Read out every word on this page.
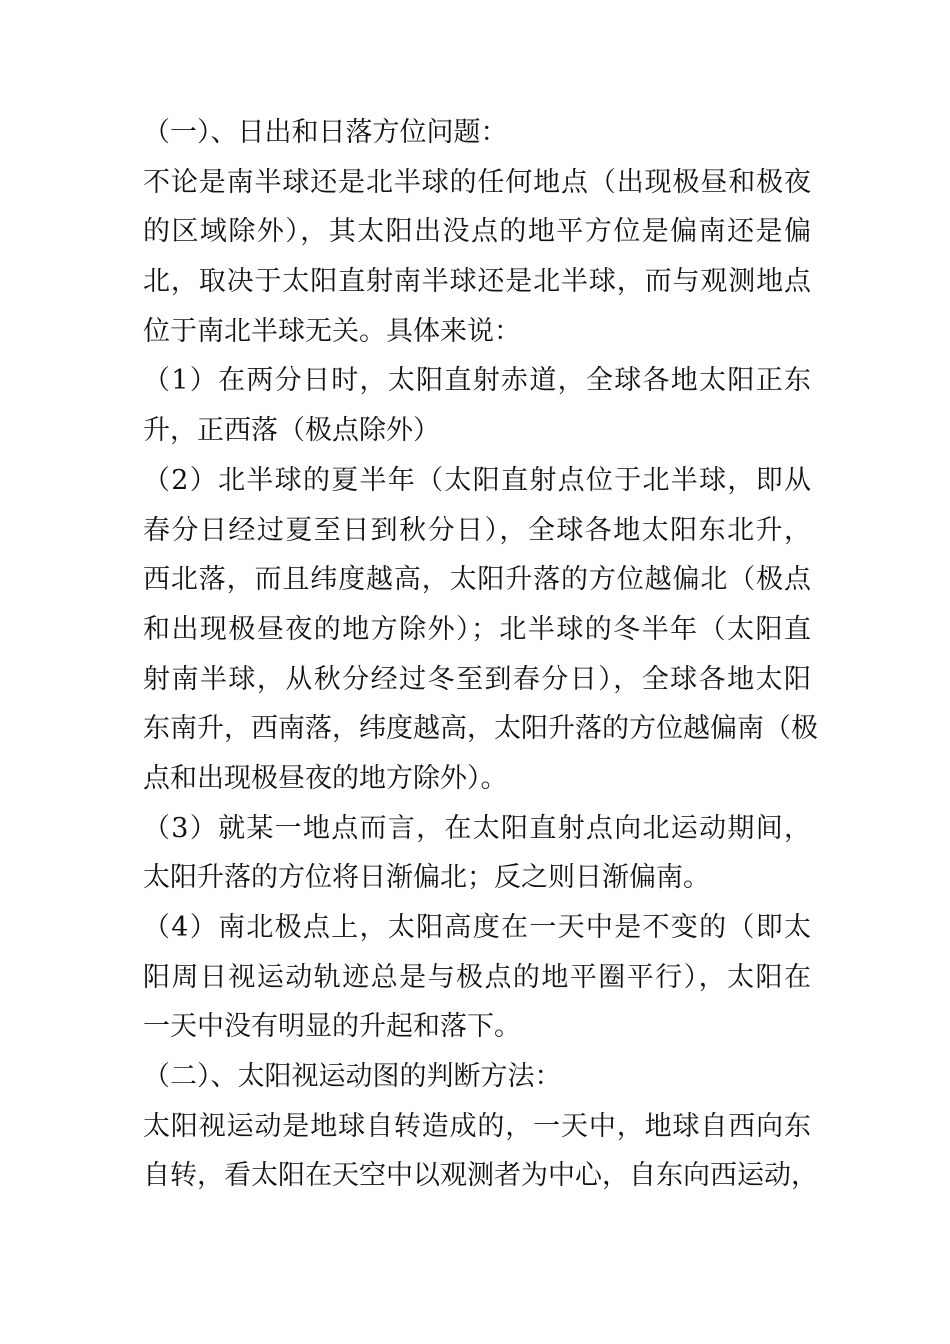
（一）、日出和日落方位问题：
不论是南半球还是北半球的任何地点（出现极昼和极夜
的区域除外），其太阳出没点的地平方位是偏南还是偏
北，取决于太阳直射南半球还是北半球，而与观测地点
位于南北半球无关。具体来说：
（1）在两分日时，太阳直射赤道，全球各地太阳正东
升，正西落（极点除外）
（2）北半球的夏半年（太阳直射点位于北半球，即从
春分日经过夏至日到秋分日），全球各地太阳东北升，
西北落，而且纬度越高，太阳升落的方位越偏北（极点
和出现极昼夜的地方除外）；北半球的冬半年（太阳直
射南半球，从秋分经过冬至到春分日），全球各地太阳
东南升，西南落，纬度越高，太阳升落的方位越偏南（极
点和出现极昼夜的地方除外）。
（3）就某一地点而言，在太阳直射点向北运动期间，
太阳升落的方位将日渐偏北；反之则日渐偏南。
（4）南北极点上，太阳高度在一天中是不变的（即太
阳周日视运动轨迹总是与极点的地平圈平行），太阳在
一天中没有明显的升起和落下。
（二）、太阳视运动图的判断方法：
太阳视运动是地球自转造成的，一天中，地球自西向东
自转，看太阳在天空中以观测者为中心，自东向西运动，
